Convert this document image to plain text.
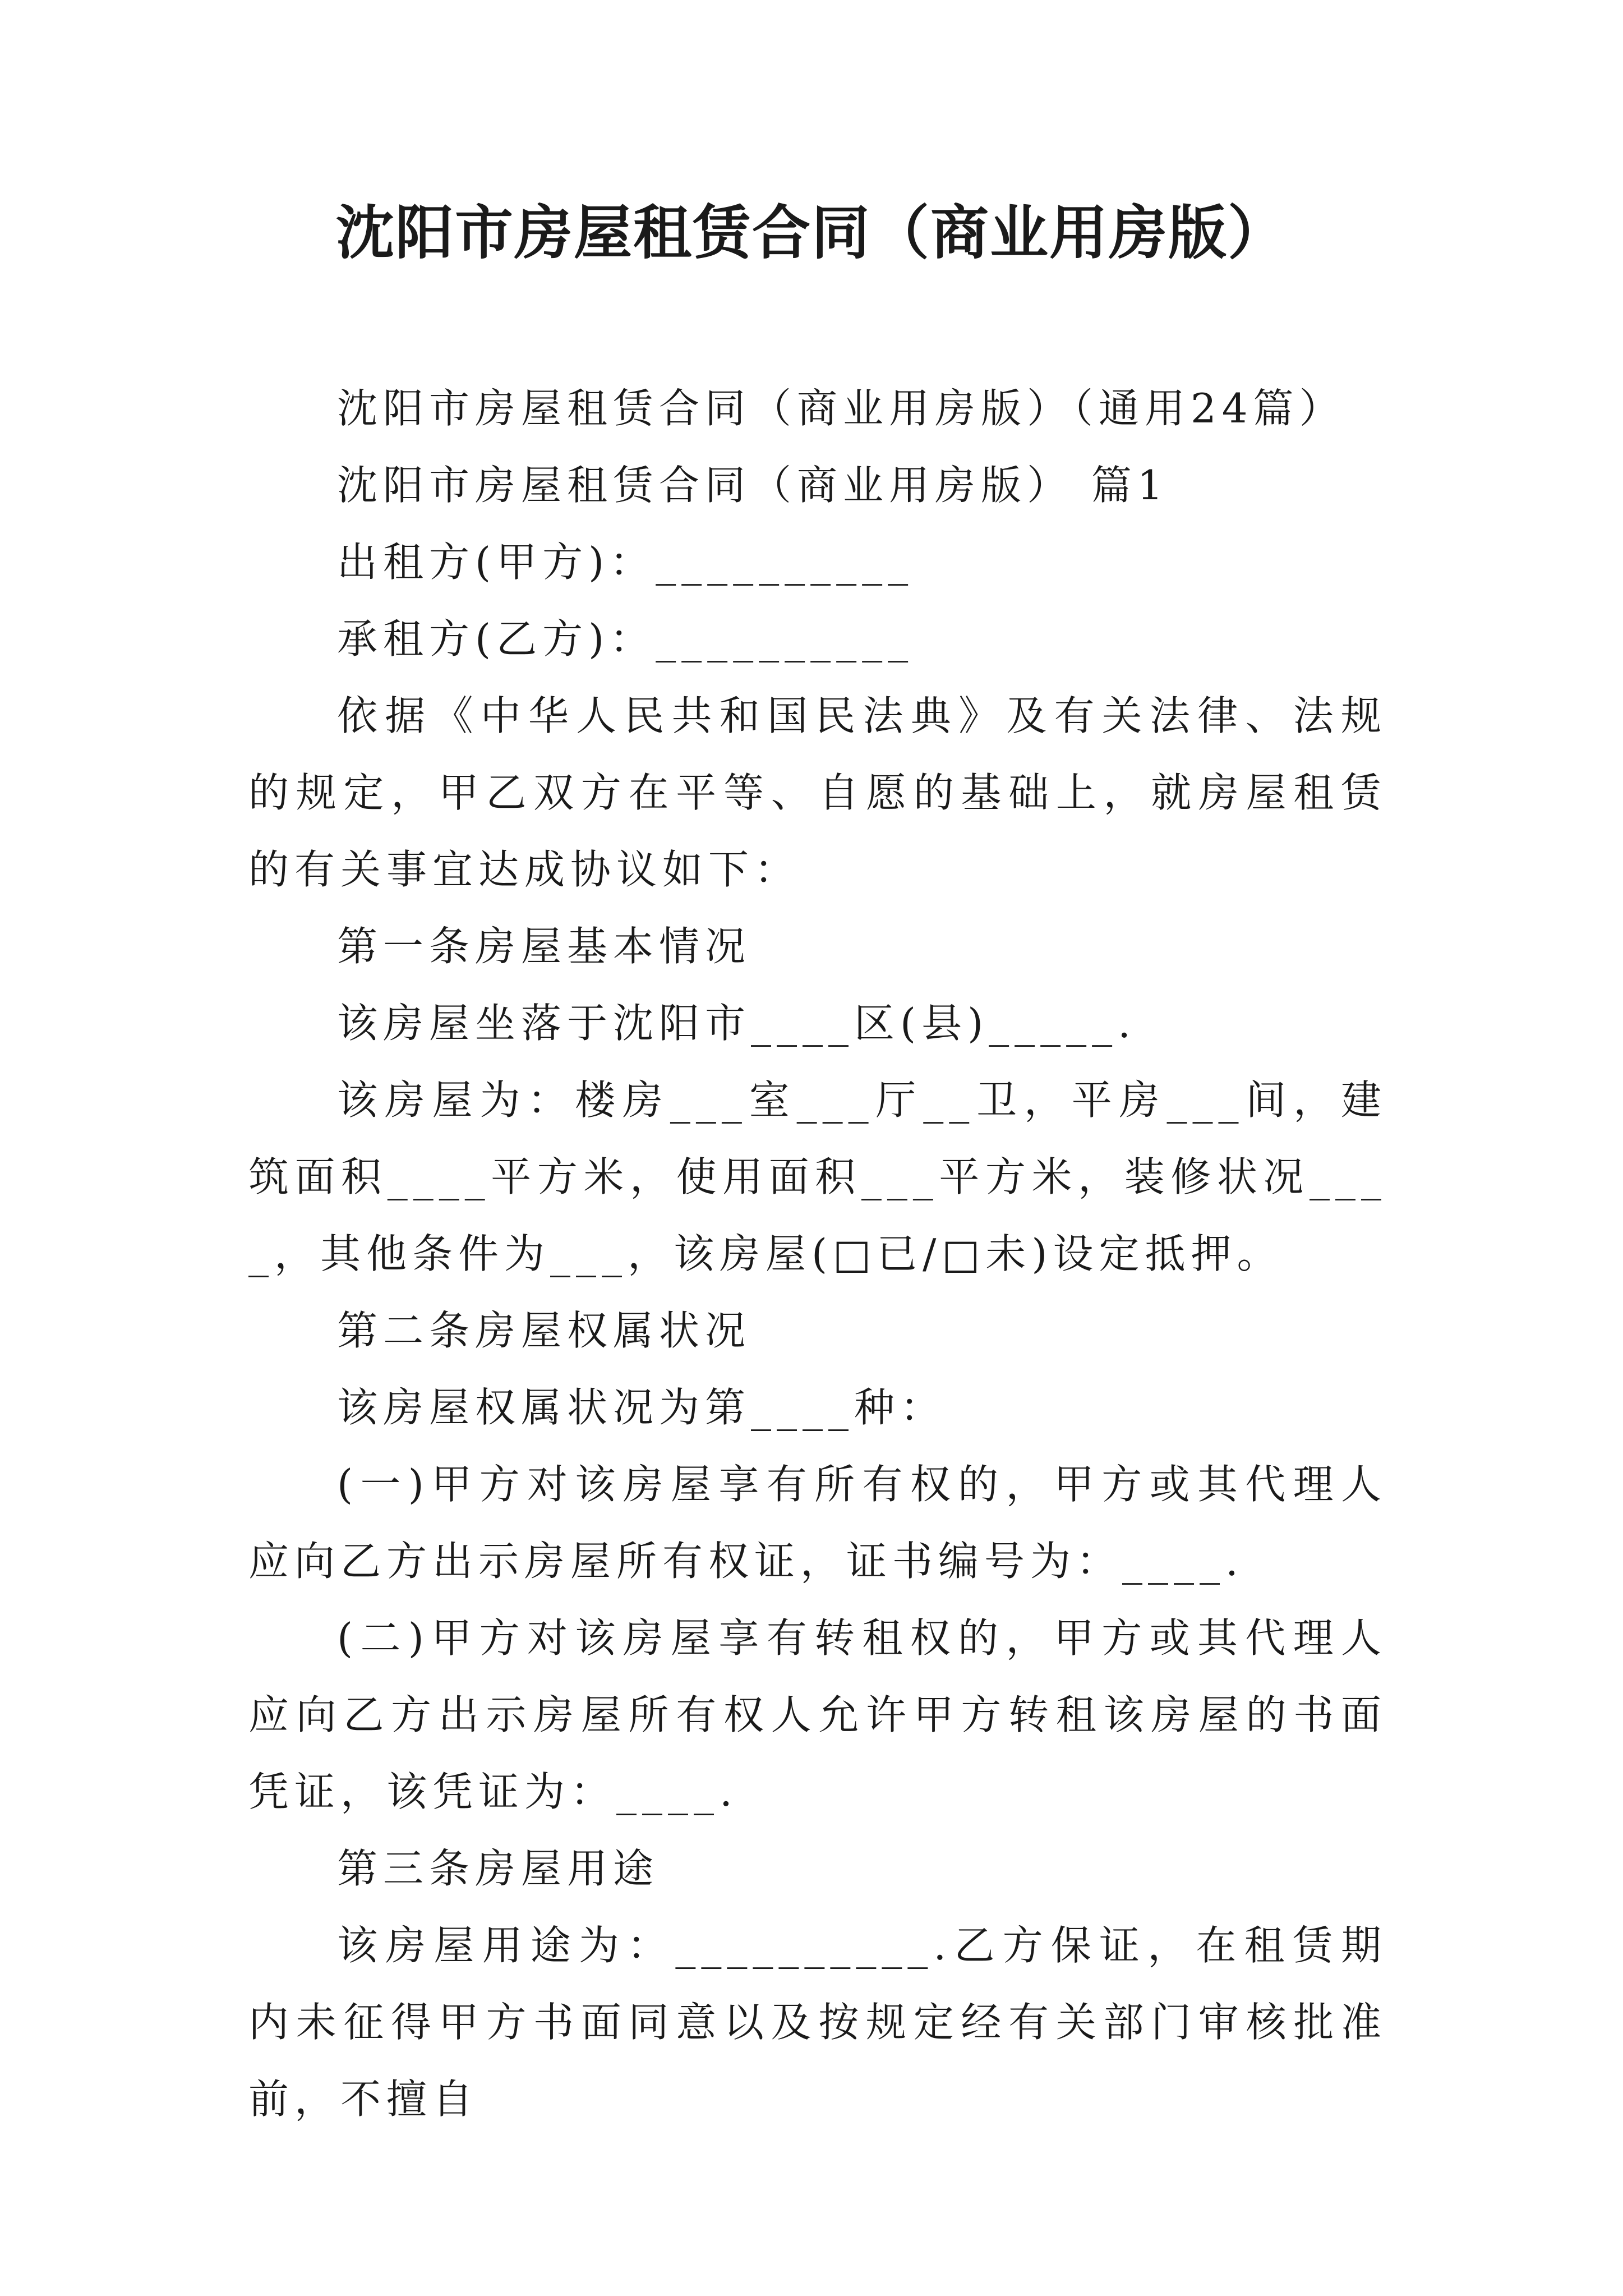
沈阳市房屋租赁合同（商业用房版）

沈阳市房屋租赁合同（商业用房版）（通用24篇）

沈阳市房屋租赁合同（商业用房版） 篇1

出租方(甲方)：__________

承租方(乙方)：__________

依据《中华人民共和国民法典》及有关法律、法规的规定，甲乙双方在平等、自愿的基础上，就房屋租赁的有关事宜达成协议如下：

第一条房屋基本情况

该房屋坐落于沈阳市____区(县)_____.

该房屋为：楼房___室___厅__卫，平房___间，建筑面积____平方米，使用面积___平方米，装修状况____，其他条件为___，该房屋(□已/□未)设定抵押。

第二条房屋权属状况

该房屋权属状况为第____种：

(一)甲方对该房屋享有所有权的，甲方或其代理人应向乙方出示房屋所有权证，证书编号为：____.

(二)甲方对该房屋享有转租权的，甲方或其代理人应向乙方出示房屋所有权人允许甲方转租该房屋的书面凭证，该凭证为：____.

第三条房屋用途

该房屋用途为：__________.乙方保证，在租赁期内未征得甲方书面同意以及按规定经有关部门审核批准前，不擅自
